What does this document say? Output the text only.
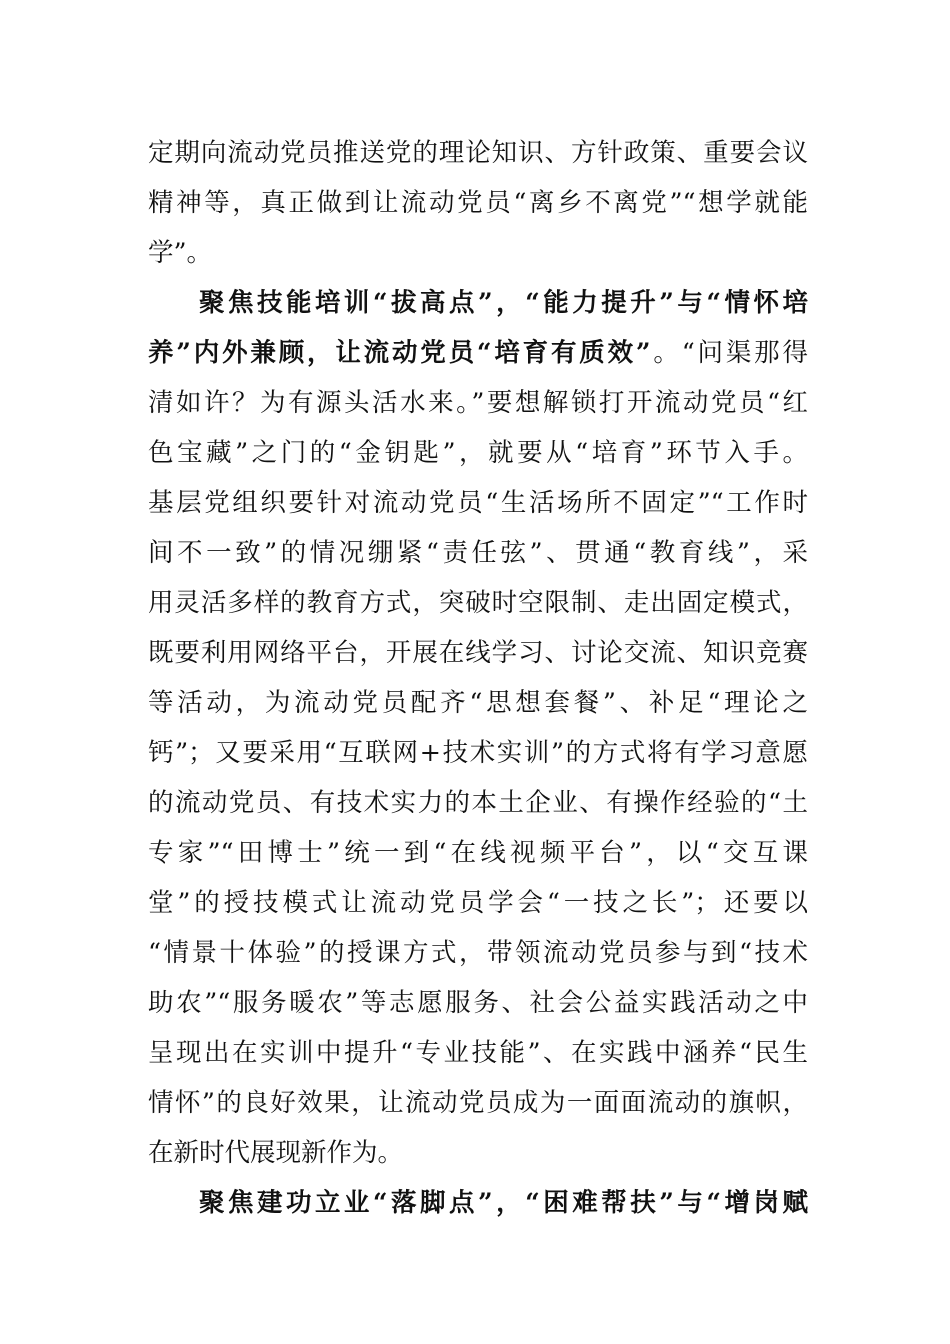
定期向流动党员推送党的理论知识、方针政策、重要会议
精神等，真正做到让流动党员“离乡不离党”“想学就能
学”。
聚焦技能培训“拔高点”，“能力提升”与“情怀培
养”内外兼顾，让流动党员“培育有质效”。“问渠那得
清如许？为有源头活水来。”要想解锁打开流动党员“红
色宝藏”之门的“金钥匙”，就要从“培育”环节入手。
基层党组织要针对流动党员“生活场所不固定”“工作时
间不一致”的情况绷紧“责任弦”、贯通“教育线”，采
用灵活多样的教育方式，突破时空限制、走出固定模式，
既要利用网络平台，开展在线学习、讨论交流、知识竞赛
等活动，为流动党员配齐“思想套餐”、补足“理论之
钙”；又要采用“互联网+技术实训”的方式将有学习意愿
的流动党员、有技术实力的本土企业、有操作经验的“土
专家”“田博士”统一到“在线视频平台”，以“交互课
堂”的授技模式让流动党员学会“一技之长”；还要以
“情景十体验”的授课方式，带领流动党员参与到“技术
助农”“服务暖农”等志愿服务、社会公益实践活动之中
呈现出在实训中提升“专业技能”、在实践中涵养“民生
情怀”的良好效果，让流动党员成为一面面流动的旗帜，
在新时代展现新作为。
聚焦建功立业“落脚点”，“困难帮扶”与“增岗赋
